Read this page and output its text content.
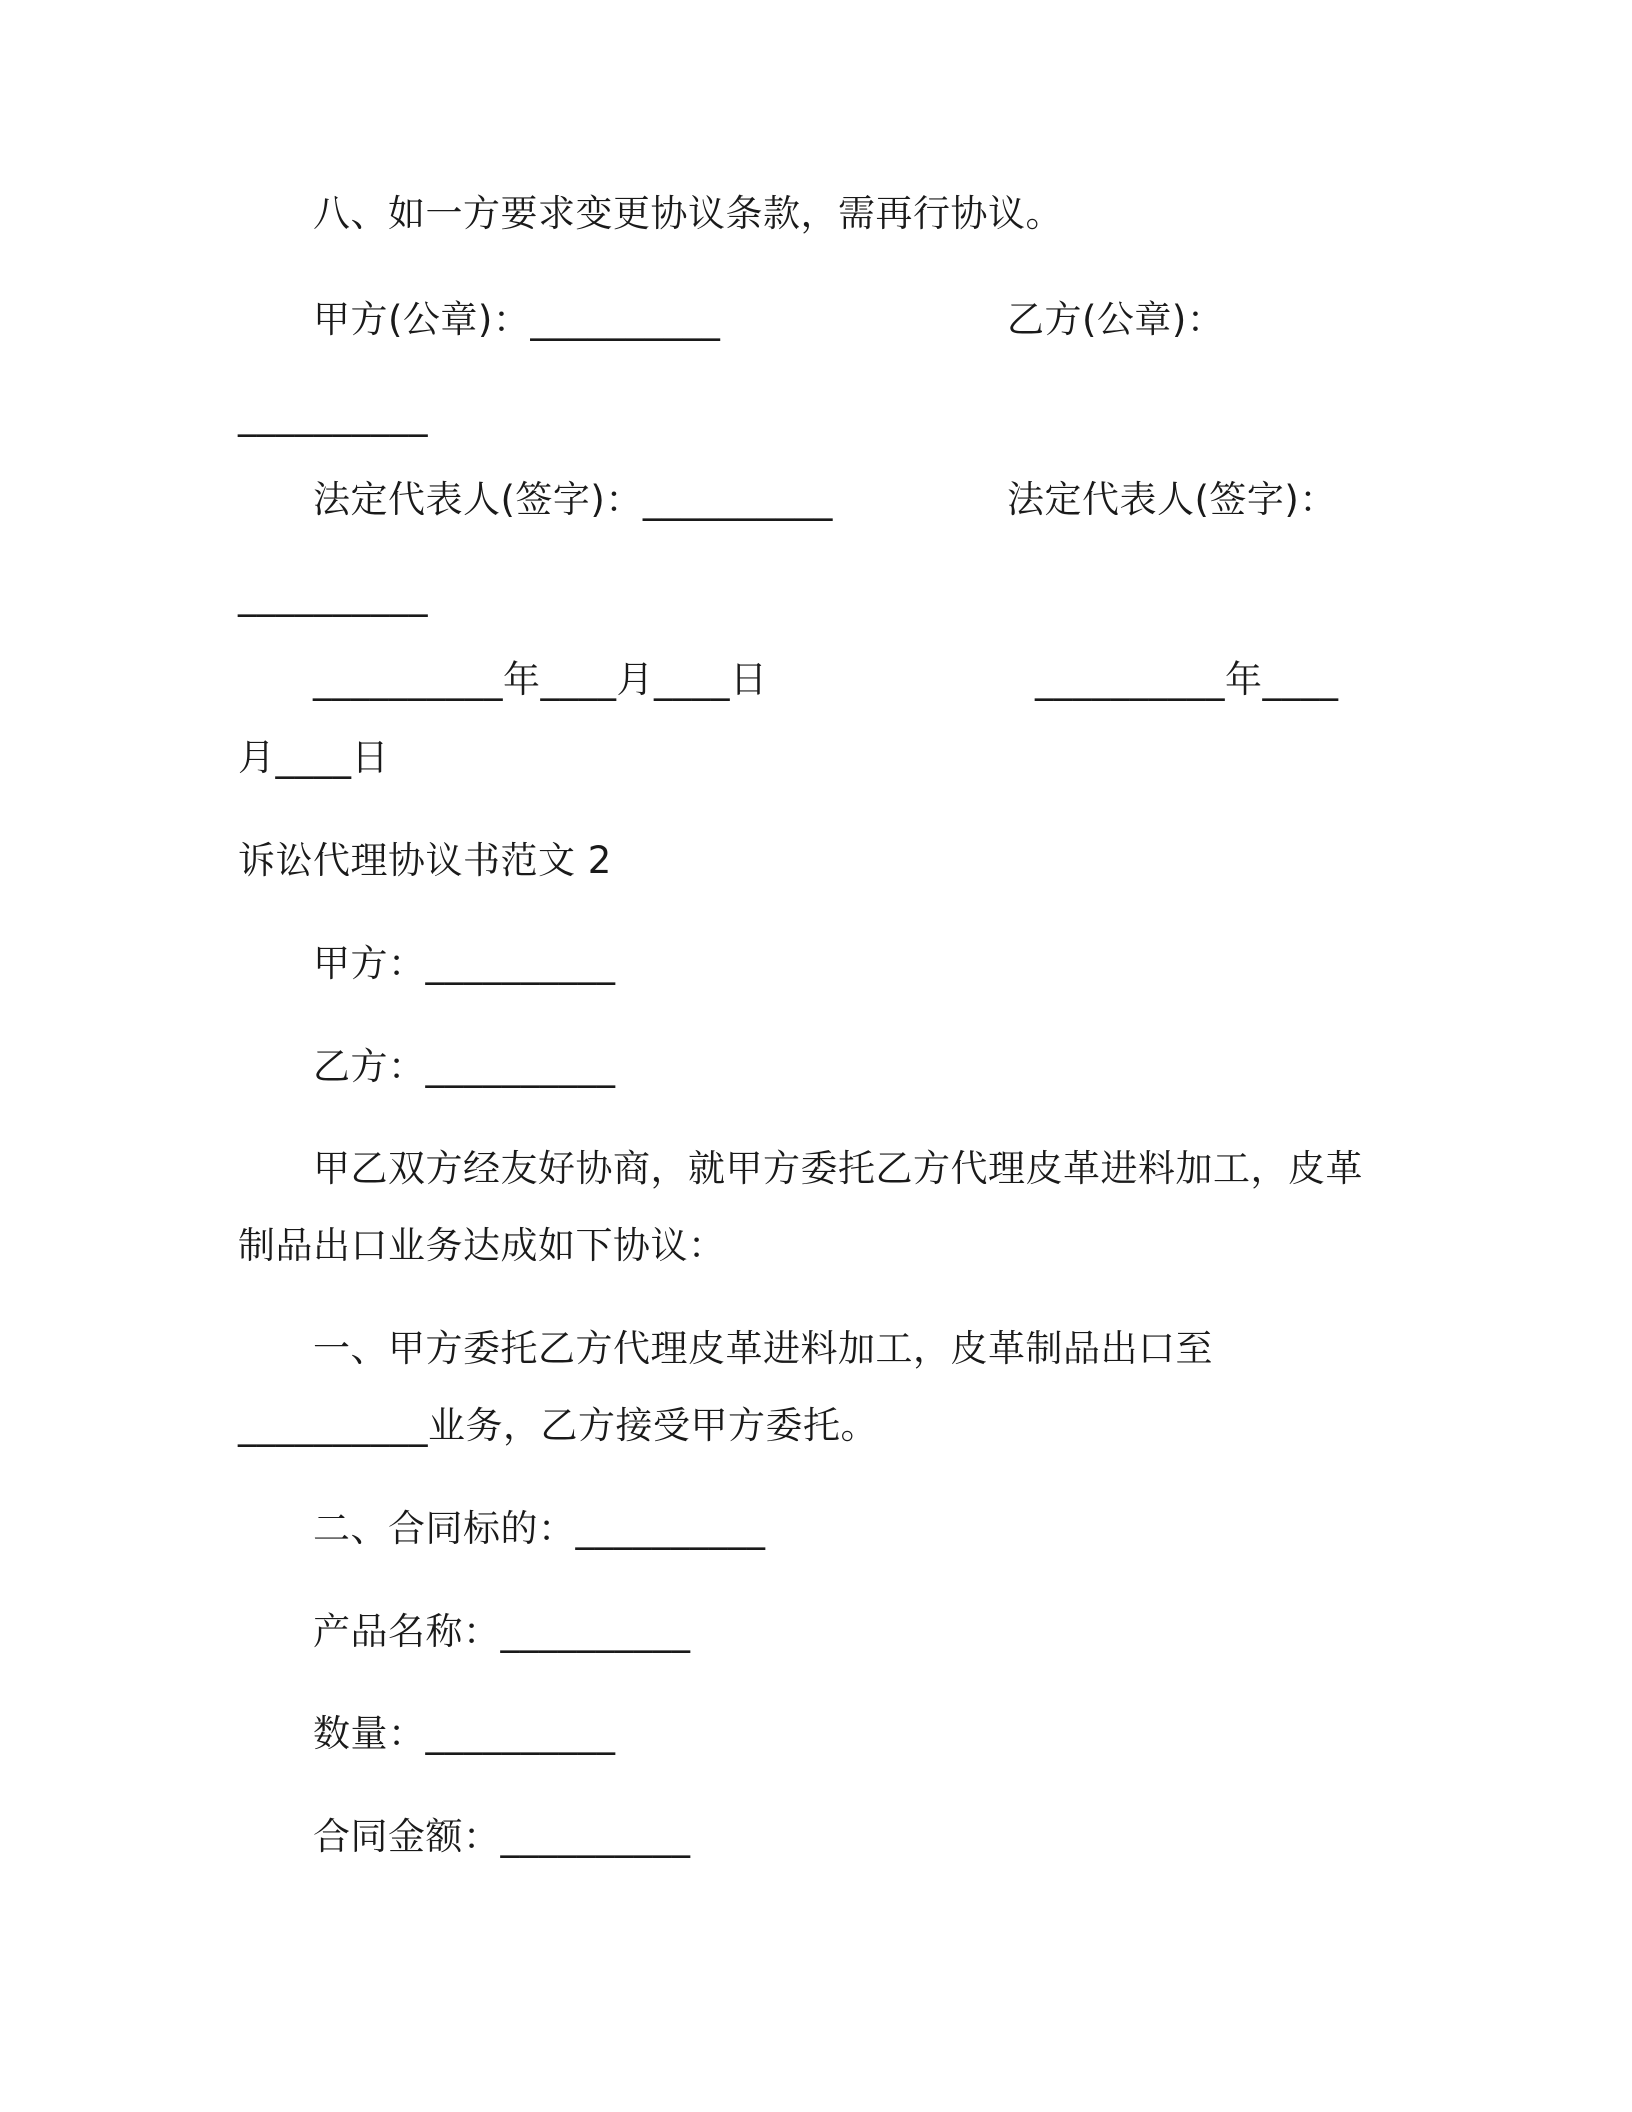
八、如一方要求变更协议条款，需再行协议。
甲方(公章)：__________	乙方(公章)：
__________
法定代表人(签字)：__________	法定代表人(签字)：
__________
__________年____月____日	__________年____
月____日
诉讼代理协议书范文 2
甲方：__________
乙方：__________
甲乙双方经友好协商，就甲方委托乙方代理皮革进料加工，皮革
制品出口业务达成如下协议：
一、甲方委托乙方代理皮革进料加工，皮革制品出口至
__________业务，乙方接受甲方委托。
二、合同标的：__________
产品名称：__________
数量：__________
合同金额：__________
